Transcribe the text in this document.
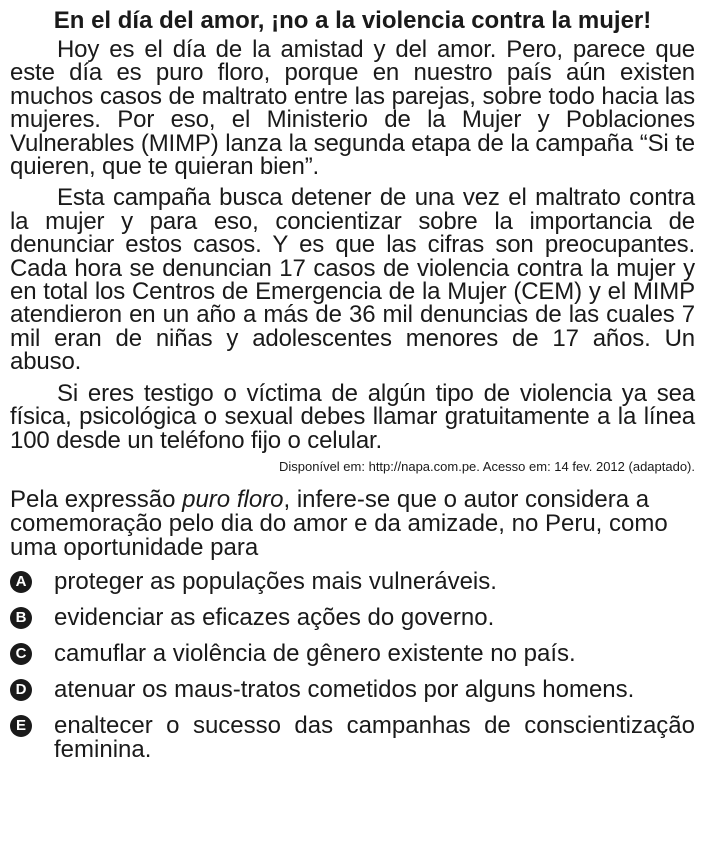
En el día del amor, ¡no a la violencia contra la mujer!

Hoy es el día de la amistad y del amor. Pero, parece que este día es puro floro, porque en nuestro país aún existen muchos casos de maltrato entre las parejas, sobre todo hacia las mujeres. Por eso, el Ministerio de la Mujer y Poblaciones Vulnerables (MIMP) lanza la segunda etapa de la campaña “Si te quieren, que te quieran bien”.

Esta campaña busca detener de una vez el maltrato contra la mujer y para eso, concientizar sobre la importancia de denunciar estos casos. Y es que las cifras son preocupantes. Cada hora se denuncian 17 casos de violencia contra la mujer y en total los Centros de Emergencia de la Mujer (CEM) y el MIMP atendieron en un año a más de 36 mil denuncias de las cuales 7 mil eran de niñas y adolescentes menores de 17 años. Un abuso.

Si eres testigo o víctima de algún tipo de violencia ya sea física, psicológica o sexual debes llamar gratuitamente a la línea 100 desde un teléfono fijo o celular.

Disponível em: http://napa.com.pe. Acesso em: 14 fev. 2012 (adaptado).

Pela expressão puro floro, infere-se que o autor considera a comemoração pelo dia do amor e da amizade, no Peru, como uma oportunidade para

A proteger as populações mais vulneráveis.
B evidenciar as eficazes ações do governo.
C camuflar a violência de gênero existente no país.
D atenuar os maus-tratos cometidos por alguns homens.
E enaltecer o sucesso das campanhas de conscientização feminina.
